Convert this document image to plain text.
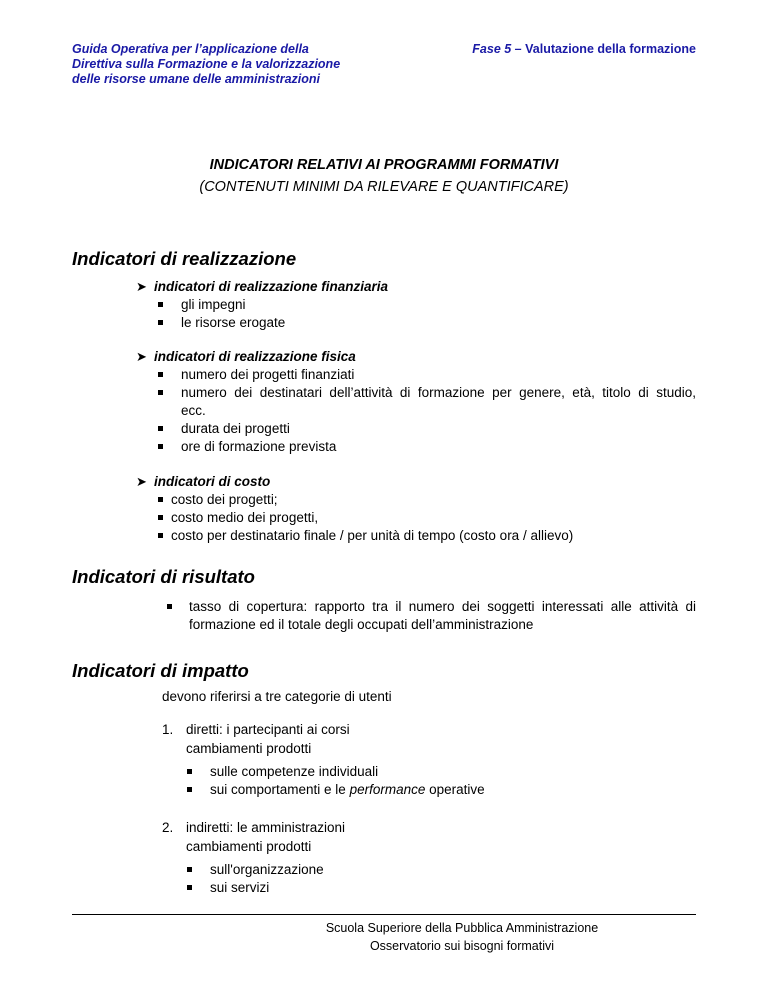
Guida Operativa per l’applicazione della
Direttiva sulla Formazione e la valorizzazione
delle risorse umane delle amministrazioni
Fase 5 – Valutazione della formazione
INDICATORI RELATIVI AI PROGRAMMI FORMATIVI
(CONTENUTI MINIMI DA RILEVARE E QUANTIFICARE)
Indicatori di realizzazione
➤ indicatori di realizzazione finanziaria
gli impegni
le risorse erogate
➤ indicatori di realizzazione fisica
numero dei progetti finanziati
numero dei destinatari dell’attività di formazione per genere, età, titolo di studio,
ecc.
durata dei progetti
ore di formazione prevista
➤ indicatori di costo
costo dei progetti;
costo medio dei progetti,
costo per destinatario finale / per unità di tempo (costo ora / allievo)
Indicatori di risultato
tasso di copertura: rapporto tra il numero dei soggetti interessati alle attività di
formazione ed il totale degli occupati dell’amministrazione
Indicatori di impatto
devono riferirsi a tre categorie di utenti
1. diretti: i partecipanti ai corsi
cambiamenti prodotti
sulle competenze individuali
sui comportamenti e le performance operative
2. indiretti: le amministrazioni
cambiamenti prodotti
sull'organizzazione
sui servizi
Scuola Superiore della Pubblica Amministrazione
Osservatorio sui bisogni formativi
